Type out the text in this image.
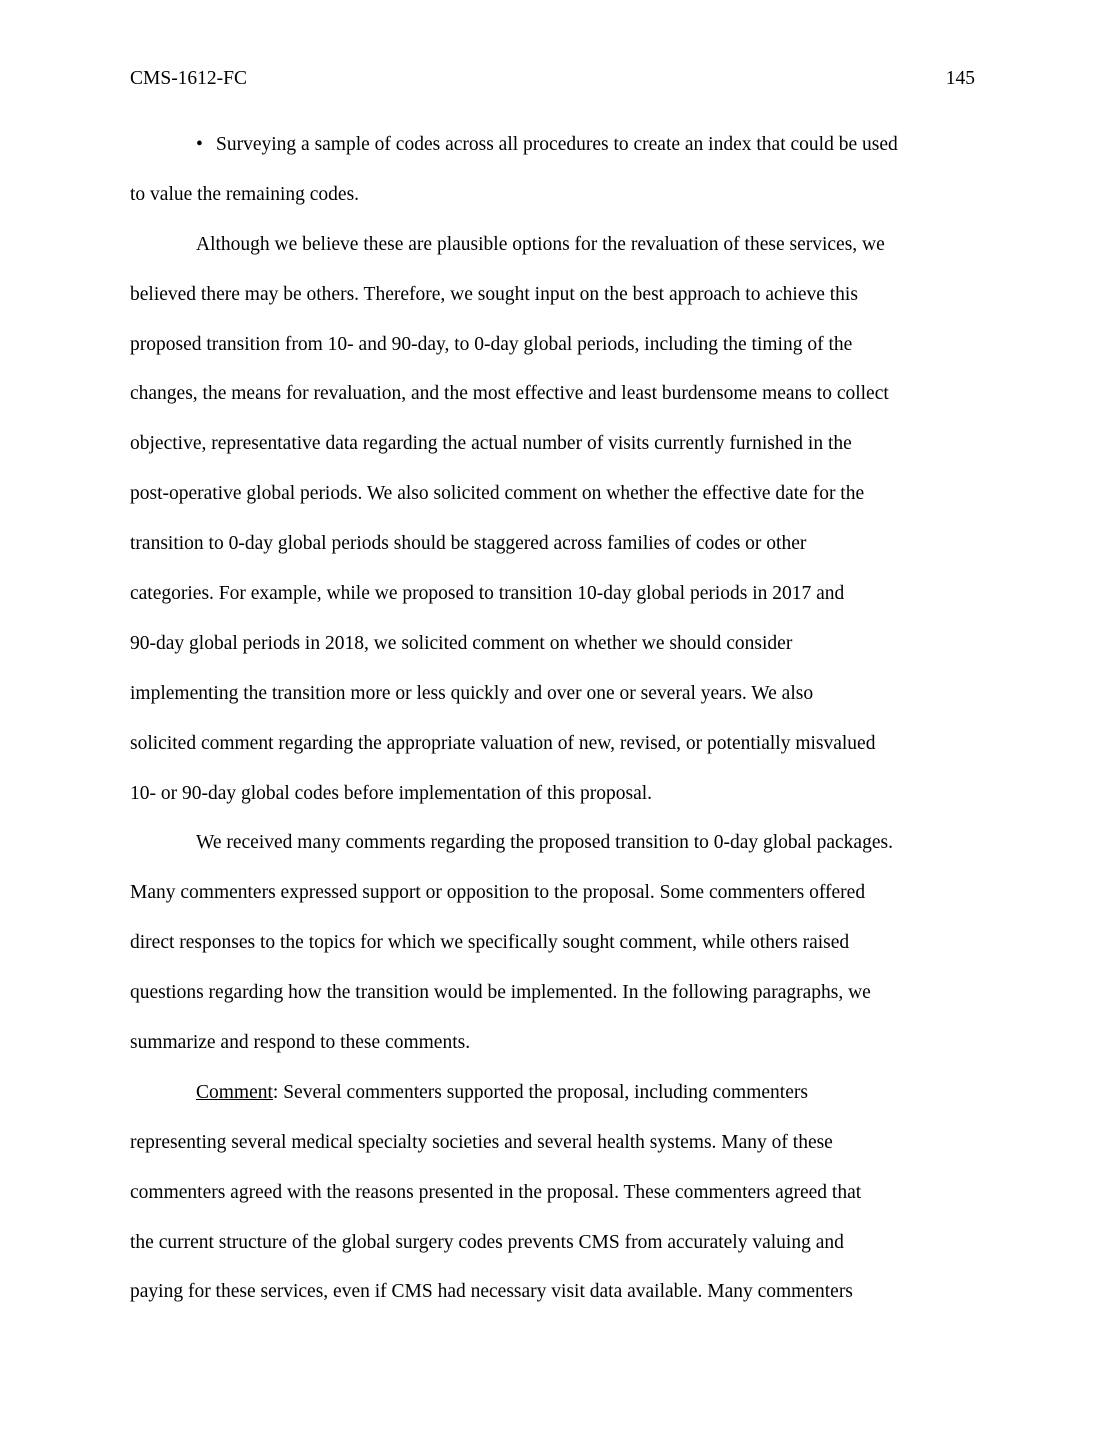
CMS-1612-FC	145
• Surveying a sample of codes across all procedures to create an index that could be used
to value the remaining codes.
Although we believe these are plausible options for the revaluation of these services, we
believed there may be others. Therefore, we sought input on the best approach to achieve this
proposed transition from 10- and 90-day, to 0-day global periods, including the timing of the
changes, the means for revaluation, and the most effective and least burdensome means to collect
objective, representative data regarding the actual number of visits currently furnished in the
post-operative global periods. We also solicited comment on whether the effective date for the
transition to 0-day global periods should be staggered across families of codes or other
categories. For example, while we proposed to transition 10-day global periods in 2017 and
90-day global periods in 2018, we solicited comment on whether we should consider
implementing the transition more or less quickly and over one or several years. We also
solicited comment regarding the appropriate valuation of new, revised, or potentially misvalued
10- or 90-day global codes before implementation of this proposal.
We received many comments regarding the proposed transition to 0-day global packages.
Many commenters expressed support or opposition to the proposal. Some commenters offered
direct responses to the topics for which we specifically sought comment, while others raised
questions regarding how the transition would be implemented. In the following paragraphs, we
summarize and respond to these comments.
Comment: Several commenters supported the proposal, including commenters
representing several medical specialty societies and several health systems. Many of these
commenters agreed with the reasons presented in the proposal. These commenters agreed that
the current structure of the global surgery codes prevents CMS from accurately valuing and
paying for these services, even if CMS had necessary visit data available. Many commenters
